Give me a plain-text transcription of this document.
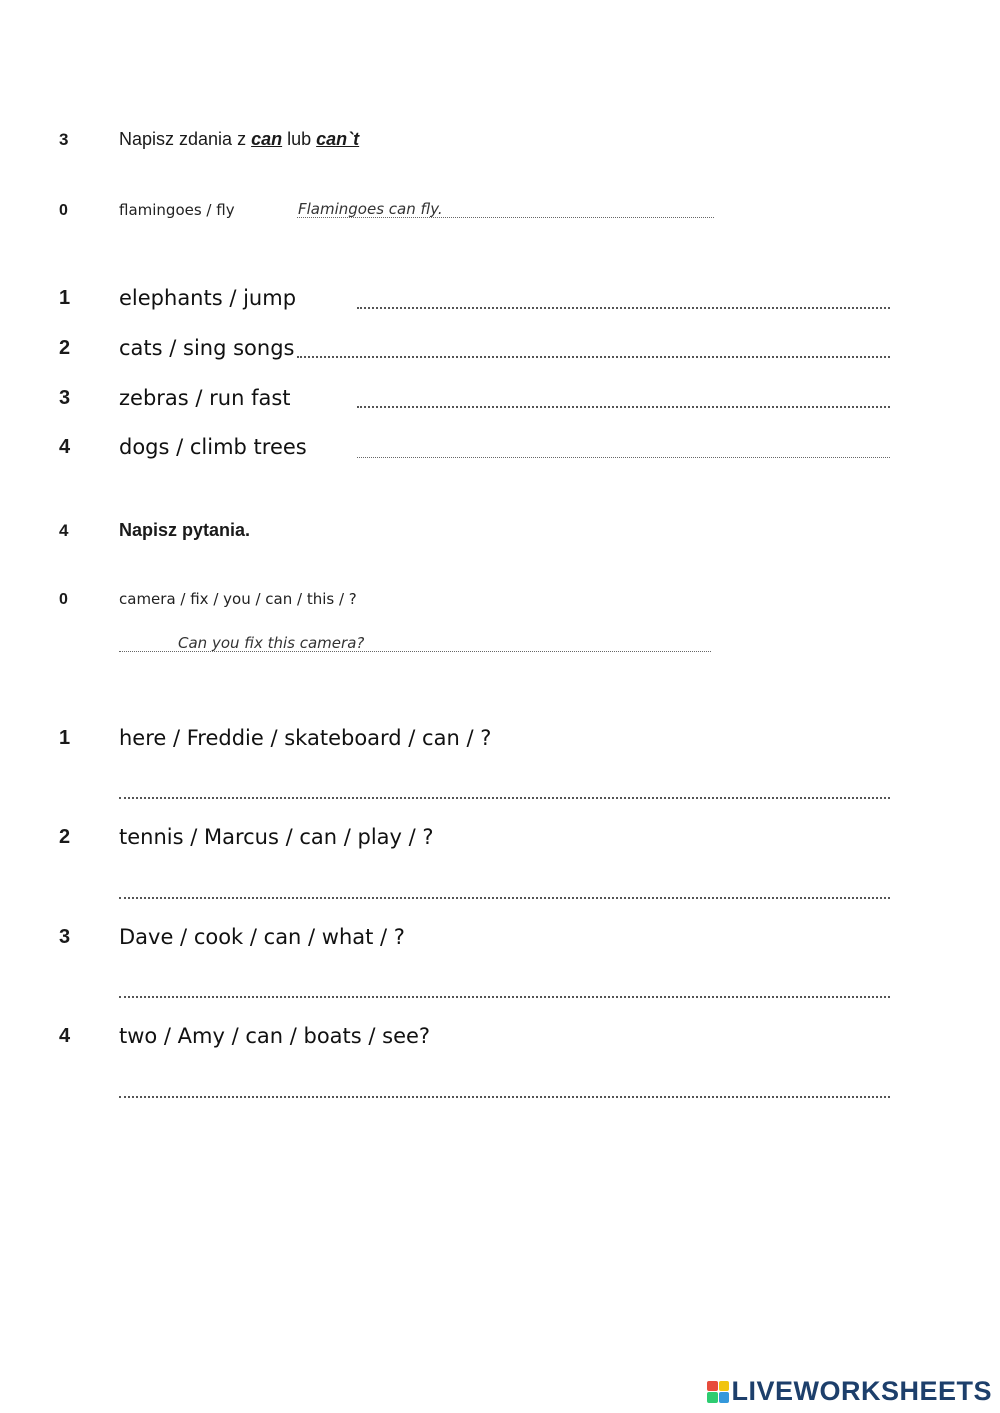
3	Napisz zdania z can lub can`t
0	flamingoes / fly	Flamingoes can fly.
1 elephants / jump
2 cats / sing songs
3 zebras / run fast
4 dogs / climb trees
4	Napisz pytania.
0	camera / fix / you / can / this / ?
Can you fix this camera?
1 here / Freddie / skateboard / can / ?
2 tennis / Marcus / can / play / ?
3 Dave / cook / can / what / ?
4 two / Amy / can / boats / see?
LIVEWORKSHEETS
